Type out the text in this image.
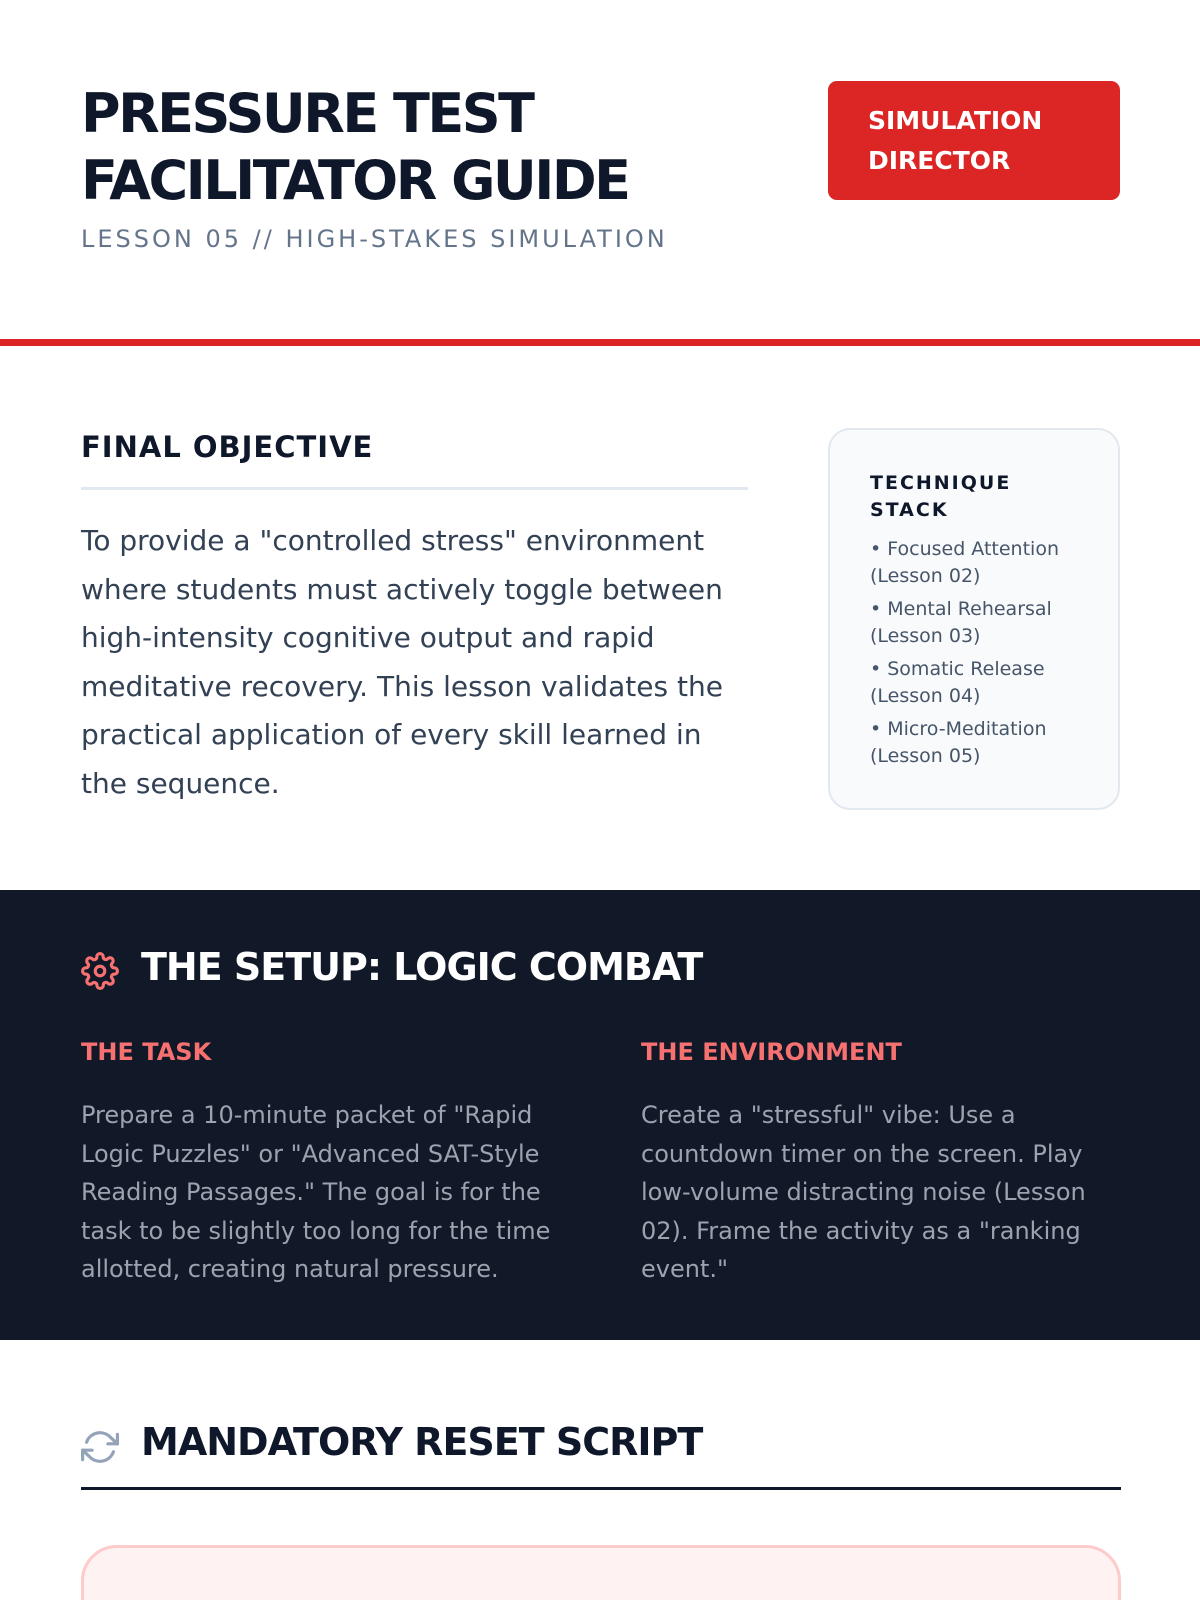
PRESSURE TEST
FACILITATOR GUIDE
LESSON 05 // HIGH-STAKES SIMULATION
SIMULATION
DIRECTOR
FINAL OBJECTIVE

To provide a "controlled stress" environment where students must actively toggle between high-intensity cognitive output and rapid meditative recovery. This lesson validates the practical application of every skill learned in the sequence.

TECHNIQUE
STACK
• Focused Attention
(Lesson 02)
• Mental Rehearsal
(Lesson 03)
• Somatic Release
(Lesson 04)
• Micro-Meditation
(Lesson 05)
THE SETUP: LOGIC COMBAT
THE TASK

Prepare a 10-minute packet of "Rapid Logic Puzzles" or "Advanced SAT-Style Reading Passages." The goal is for the task to be slightly too long for the time allotted, creating natural pressure.

THE ENVIRONMENT

Create a "stressful" vibe: Use a countdown timer on the screen. Play low-volume distracting noise (Lesson 02). Frame the activity as a "ranking event."

MANDATORY RESET SCRIPT
